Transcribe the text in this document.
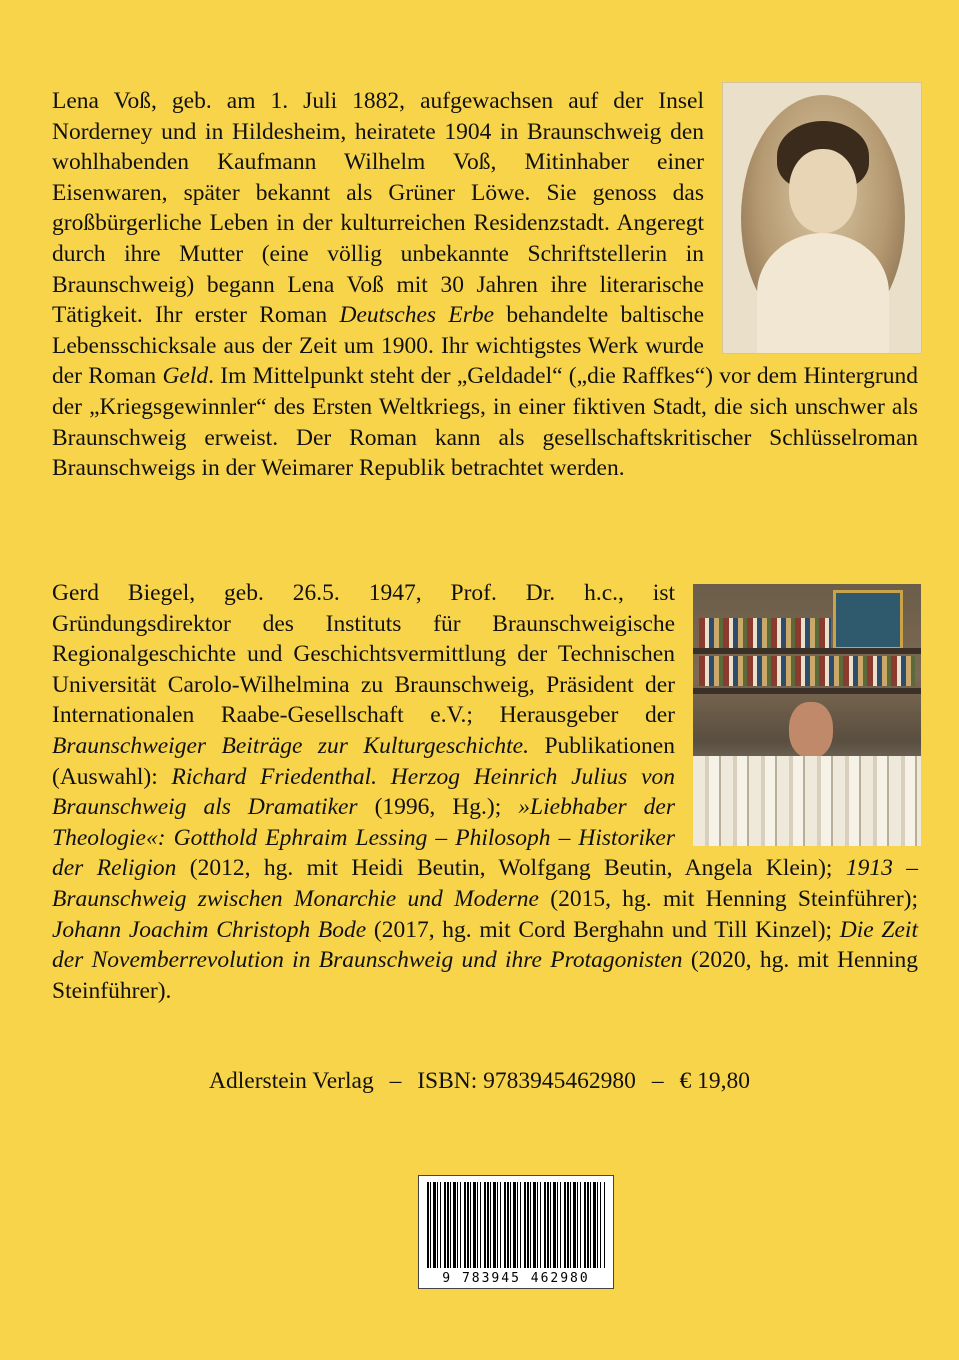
Lena Voß, geb. am 1. Juli 1882, aufgewachsen auf der Insel Norderney und in Hildesheim, heiratete 1904 in Braunschweig den wohlhabenden Kaufmann Wilhelm Voß, Mitinhaber einer Eisenwaren, später bekannt als Grüner Löwe. Sie genoss das großbürgerliche Leben in der kulturreichen Residenzstadt. Angeregt durch ihre Mutter (eine völlig unbekannte Schriftstellerin in Braunschweig) begann Lena Voß mit 30 Jahren ihre literarische Tätigkeit. Ihr erster Roman Deutsches Erbe behandelte baltische Lebensschicksale aus der Zeit um 1900. Ihr wichtigstes Werk wurde der Roman Geld. Im Mittelpunkt steht der „Geldadel“ („die Raffkes“) vor dem Hintergrund der „Kriegsgewinnler“ des Ersten Weltkriegs, in einer fiktiven Stadt, die sich unschwer als Braunschweig erweist. Der Roman kann als gesellschaftskritischer Schlüsselroman Braunschweigs in der Weimarer Republik betrachtet werden.
Gerd Biegel, geb. 26.5. 1947, Prof. Dr. h.c., ist Gründungsdirektor des Instituts für Braunschweigische Regionalgeschichte und Geschichtsvermittlung der Technischen Universität Carolo-Wilhelmina zu Braunschweig, Präsident der Internationalen Raabe-Gesellschaft e.V.; Herausgeber der Braunschweiger Beiträge zur Kulturgeschichte. Publikationen (Auswahl): Richard Friedenthal. Herzog Heinrich Julius von Braunschweig als Dramatiker (1996, Hg.); »Liebhaber der Theologie«: Gotthold Ephraim Lessing – Philosoph – Historiker der Religion (2012, hg. mit Heidi Beutin, Wolfgang Beutin, Angela Klein); 1913 – Braunschweig zwischen Monarchie und Moderne (2015, hg. mit Henning Steinführer); Johann Joachim Christoph Bode (2017, hg. mit Cord Berghahn und Till Kinzel); Die Zeit der Novemberrevolution in Braunschweig und ihre Protagonisten (2020, hg. mit Henning Steinführer).
Adlerstein Verlag – ISBN: 9783945462980 – € 19,80
9 783945 462980
